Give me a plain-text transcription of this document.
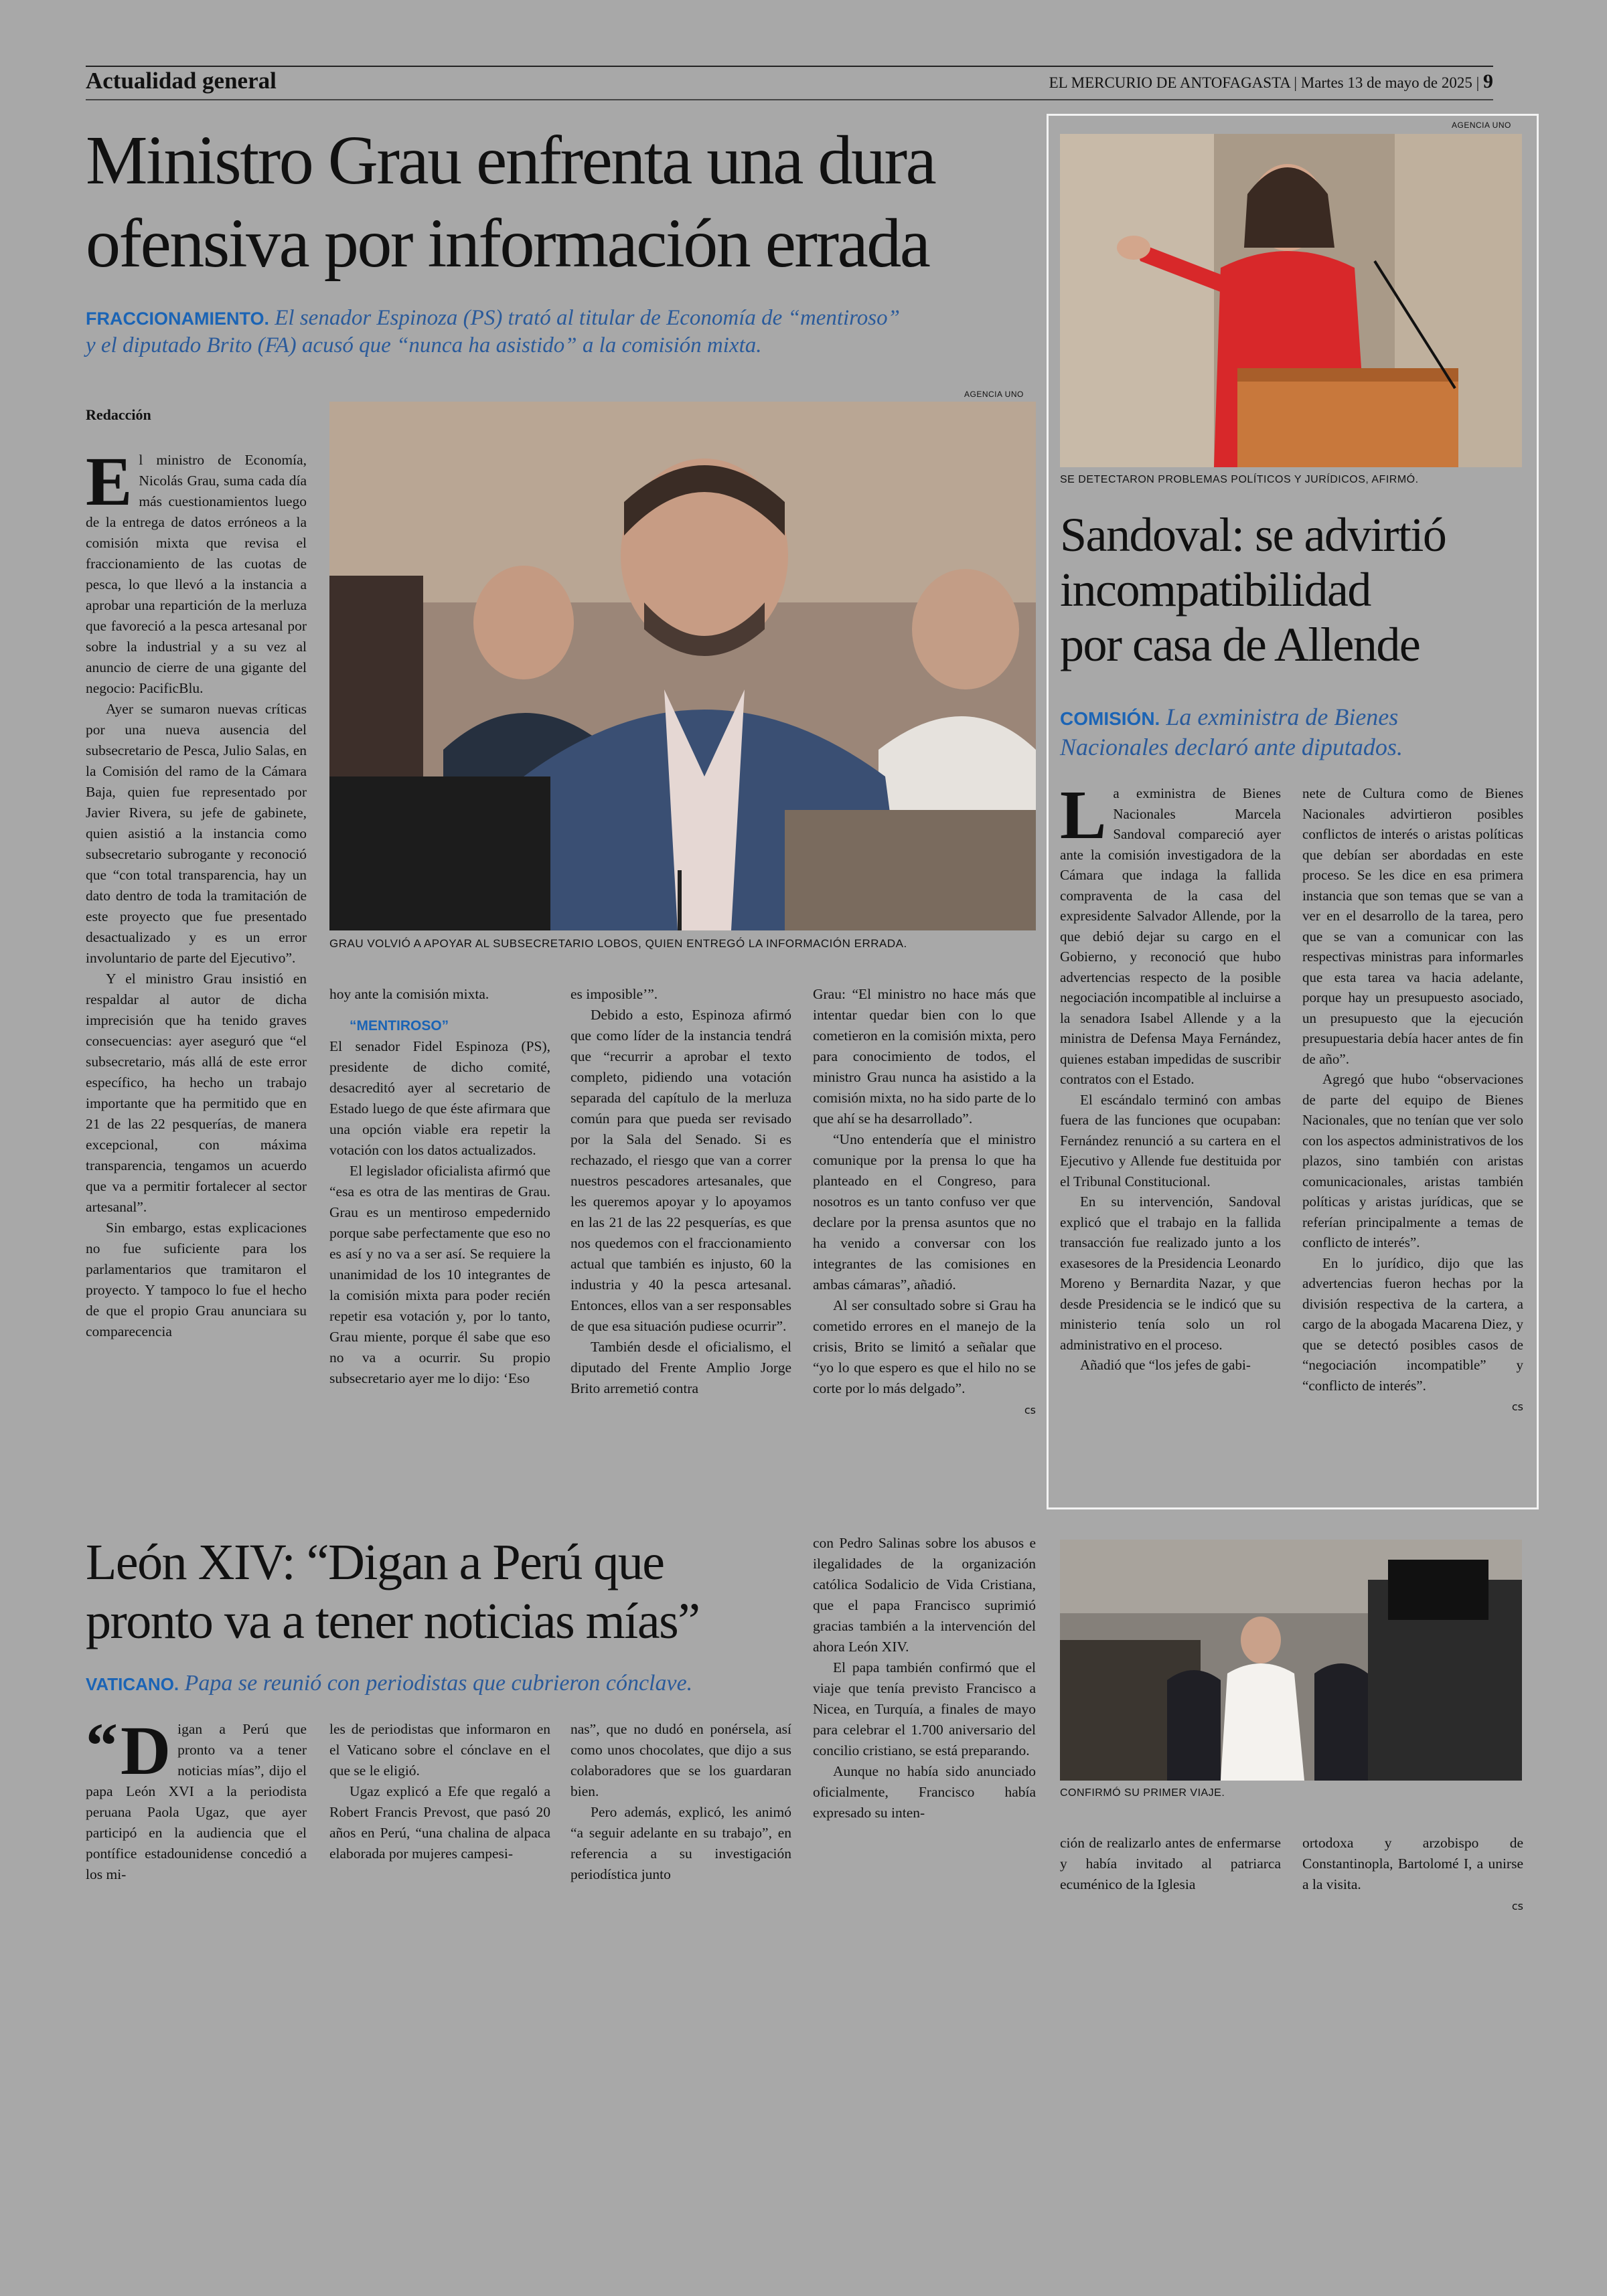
Actualidad general	EL MERCURIO DE ANTOFAGASTA | Martes 13 de mayo de 2025 | 9
Ministro Grau enfrenta una dura
ofensiva por información errada
FRACCIONAMIENTO. El senador Espinoza (PS) trató al titular de Economía de “mentiroso”
y el diputado Brito (FA) acusó que “nunca ha asistido” a la comisión mixta.
Redacción
AGENCIA UNO
GRAU VOLVIÓ A APOYAR AL SUBSECRETARIO LOBOS, QUIEN ENTREGÓ LA INFORMACIÓN ERRADA.

El ministro de Economía, Nicolás Grau, suma cada día más cuestionamientos luego de la entrega de datos erróneos a la comisión mixta que revisa el fraccionamiento de las cuotas de pesca, lo que llevó a la instancia a aprobar una repartición de la merluza que favoreció a la pesca artesanal por sobre la industrial y a su vez al anuncio de cierre de una gigante del negocio: PacificBlu.

Ayer se sumaron nuevas críticas por una nueva ausencia del subsecretario de Pesca, Julio Salas, en la Comisión del ramo de la Cámara Baja, quien fue representado por Javier Rivera, su jefe de gabinete, quien asistió a la instancia como subsecretario subrogante y reconoció que “con total transparencia, hay un dato dentro de toda la tramitación de este proyecto que fue presentado desactualizado y es un error involuntario de parte del Ejecutivo”.

Y el ministro Grau insistió en respaldar al autor de dicha imprecisión que ha tenido graves consecuencias: ayer aseguró que “el subsecretario, más allá de este error específico, ha hecho un trabajo importante que ha permitido que en 21 de las 22 pesquerías, de manera excepcional, con máxima transparencia, tengamos un acuerdo que va a permitir fortalecer al sector artesanal”.

Sin embargo, estas explicaciones no fue suficiente para los parlamentarios que tramitaron el proyecto. Y tampoco lo fue el hecho de que el propio Grau anunciara su comparecencia

hoy ante la comisión mixta.

“MENTIROSO”

El senador Fidel Espinoza (PS), presidente de dicho comité, desacreditó ayer al secretario de Estado luego de que éste afirmara que una opción viable era repetir la votación con los datos actualizados.

El legislador oficialista afirmó que “esa es otra de las mentiras de Grau. Grau es un mentiroso empedernido porque sabe perfectamente que eso no es así y no va a ser así. Se requiere la unanimidad de los 10 integrantes de la comisión mixta para poder recién repetir esa votación y, por lo tanto, Grau miente, porque él sabe que eso no va a ocurrir. Su propio subsecretario ayer me lo dijo: ‘Eso

es imposible’”.

Debido a esto, Espinoza afirmó que como líder de la instancia tendrá que “recurrir a aprobar el texto completo, pidiendo una votación separada del capítulo de la merluza común para que pueda ser revisado por la Sala del Senado. Si es rechazado, el riesgo que van a correr nuestros pescadores artesanales, que les queremos apoyar y lo apoyamos en las 21 de las 22 pesquerías, es que nos quedemos con el fraccionamiento actual que también es injusto, 60 la industria y 40 la pesca artesanal. Entonces, ellos van a ser responsables de que esa situación pudiese ocurrir”.

También desde el oficialismo, el diputado del Frente Amplio Jorge Brito arremetió contra

Grau: “El ministro no hace más que intentar quedar bien con lo que cometieron en la comisión mixta, pero para conocimiento de todos, el ministro Grau nunca ha asistido a la comisión mixta, no ha sido parte de lo que ahí se ha desarrollado”.

“Uno entendería que el ministro comunique por la prensa lo que ha planteado en el Congreso, para nosotros es un tanto confuso ver que declare por la prensa asuntos que no ha venido a conversar con los integrantes de las comisiones en ambas cámaras”, añadió.

Al ser consultado sobre si Grau ha cometido errores en el manejo de la crisis, Brito se limitó a señalar que “yo lo que espero es que el hilo no se corte por lo más delgado”.

cs
AGENCIA UNO
SE DETECTARON PROBLEMAS POLÍTICOS Y JURÍDICOS, AFIRMÓ.
Sandoval: se advirtió
incompatibilidad
por casa de Allende
COMISIÓN. La exministra de Bienes
Nacionales declaró ante diputados.

La exministra de Bienes Nacionales Marcela Sandoval compareció ayer ante la comisión investigadora de la Cámara que indaga la fallida compraventa de la casa del expresidente Salvador Allende, por la que debió dejar su cargo en el Gobierno, y reconoció que hubo advertencias respecto de la posible negociación incompatible al incluirse a la senadora Isabel Allende y a la ministra de Defensa Maya Fernández, quienes estaban impedidas de suscribir contratos con el Estado.

El escándalo terminó con ambas fuera de las funciones que ocupaban: Fernández renunció a su cartera en el Ejecutivo y Allende fue destituida por el Tribunal Constitucional.

En su intervención, Sandoval explicó que el trabajo en la fallida transacción fue realizado junto a los exasesores de la Presidencia Leonardo Moreno y Bernardita Nazar, y que desde Presidencia se le indicó que su ministerio tenía solo un rol administrativo en el proceso.

Añadió que “los jefes de gabi-

nete de Cultura como de Bienes Nacionales advirtieron posibles conflictos de interés o aristas políticas que debían ser abordadas en este proceso. Se les dice en esa primera instancia que son temas que se van a ver en el desarrollo de la tarea, pero que se van a comunicar con las respectivas ministras para informarles que esta tarea va hacia adelante, porque hay un presupuesto asociado, un presupuesto que la ejecución presupuestaria debía hacer antes de fin de año”.

Agregó que hubo “observaciones de parte del equipo de Bienes Nacionales, que no tenían que ver solo con los aspectos administrativos de los plazos, sino también con aristas comunicacionales, aristas también políticas y aristas jurídicas, que se referían principalmente a temas de conflicto de interés”.

En lo jurídico, dijo que las advertencias fueron hechas por la división respectiva de la cartera, a cargo de la abogada Macarena Diez, y que se detectó posibles casos de “negociación incompatible” y “conflicto de interés”.

cs
León XIV: “Digan a Perú que
pronto va a tener noticias mías”
VATICANO. Papa se reunió con periodistas que cubrieron cónclave.

“ D igan a Perú que pronto va a tener noticias mías”, dijo el papa León XVI a la periodista peruana Paola Ugaz, que ayer participó en la audiencia que el pontífice estadounidense concedió a los mi-

les de periodistas que informaron en el Vaticano sobre el cónclave en el que se le eligió.

Ugaz explicó a Efe que regaló a Robert Francis Prevost, que pasó 20 años en Perú, “una chalina de alpaca elaborada por mujeres campesi-

nas”, que no dudó en ponérsela, así como unos chocolates, que dijo a sus colaboradores que se los guardaran bien.

Pero además, explicó, les animó “a seguir adelante en su trabajo”, en referencia a su investigación periodística junto

con Pedro Salinas sobre los abusos e ilegalidades de la organización católica Sodalicio de Vida Cristiana, que el papa Francisco suprimió gracias también a la intervención del ahora León XIV.

El papa también confirmó que el viaje que tenía previsto Francisco a Nicea, en Turquía, a finales de mayo para celebrar el 1.700 aniversario del concilio cristiano, se está preparando.

Aunque no había sido anunciado oficialmente, Francisco había expresado su inten-

CONFIRMÓ SU PRIMER VIAJE.

ción de realizarlo antes de enfermarse y había invitado al patriarca ecuménico de la Iglesia

ortodoxa y arzobispo de Constantinopla, Bartolomé I, a unirse a la visita.

cs
